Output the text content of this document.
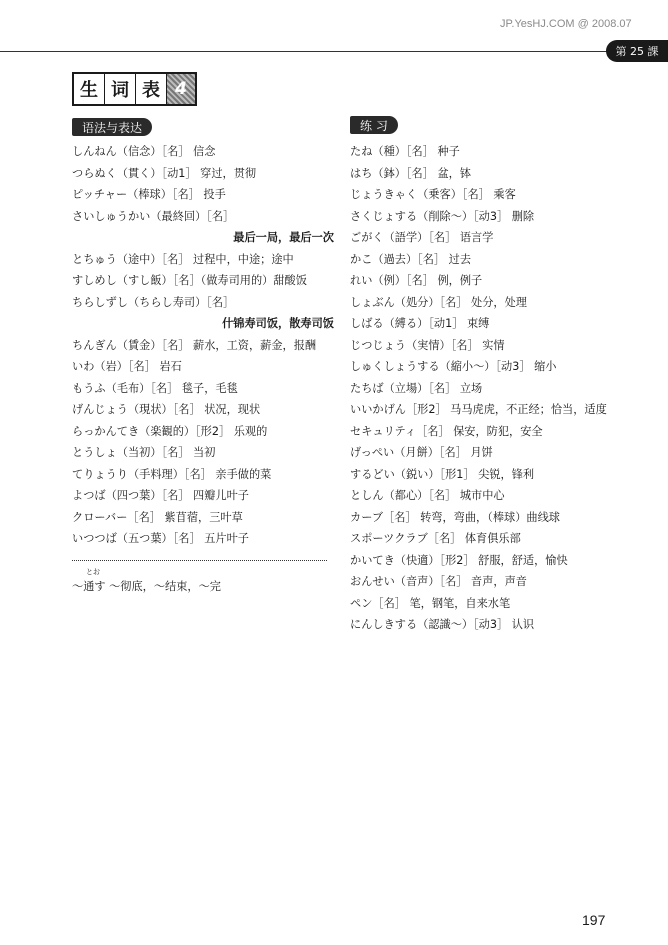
JP.YesHJ.COM @ 2008.07
第 25 課
生 词 表 4
语法与表达	练 习
しんねん（信念）［名］ 信念
つらぬく（貫く）［动1］ 穿过，贯彻
ピッチャー（棒球）［名］ 投手
さいしゅうかい（最終回）［名］
最后一局，最后一次
とちゅう（途中）［名］ 过程中，中途；途中
すしめし（すし飯）［名］（做寿司用的）甜酸饭
ちらしずし（ちらし寿司）［名］
什锦寿司饭，散寿司饭
ちんぎん（賃金）［名］ 薪水，工资，薪金，报酬
いわ（岩）［名］ 岩石
もうふ（毛布）［名］ 毯子，毛毯
げんじょう（現状）［名］ 状况，现状
らっかんてき（楽観的）［形2］ 乐观的
とうしょ（当初）［名］ 当初
てりょうり（手料理）［名］ 亲手做的菜
よつば（四つ葉）［名］ 四瓣儿叶子
クローバー［名］ 紫苜蓿，三叶草
いつつば（五つ葉）［名］ 五片叶子
とお
～通す ～彻底，～结束，～完
たね（種）［名］ 种子
はち（鉢）［名］ 盆，钵
じょうきゃく（乗客）［名］ 乘客
さくじょする（削除～）［动3］ 删除
ごがく（語学）［名］ 语言学
かこ（過去）［名］ 过去
れい（例）［名］ 例，例子
しょぶん（処分）［名］ 处分，处理
しばる（縛る）［动1］ 束缚
じつじょう（実情）［名］ 实情
しゅくしょうする（縮小～）［动3］ 缩小
たちば（立場）［名］ 立场
いいかげん［形2］ 马马虎虎，不正经；恰当，适度
セキュリティ［名］ 保安，防犯，安全
げっぺい（月餅）［名］ 月饼
するどい（鋭い）［形1］ 尖锐，锋利
としん（都心）［名］ 城市中心
カーブ［名］ 转弯，弯曲，（棒球）曲线球
スポーツクラブ［名］ 体育俱乐部
かいてき（快適）［形2］ 舒服，舒适，愉快
おんせい（音声）［名］ 音声，声音
ペン［名］ 笔，钢笔，自来水笔
にんしきする（認識～）［动3］ 认识
197
